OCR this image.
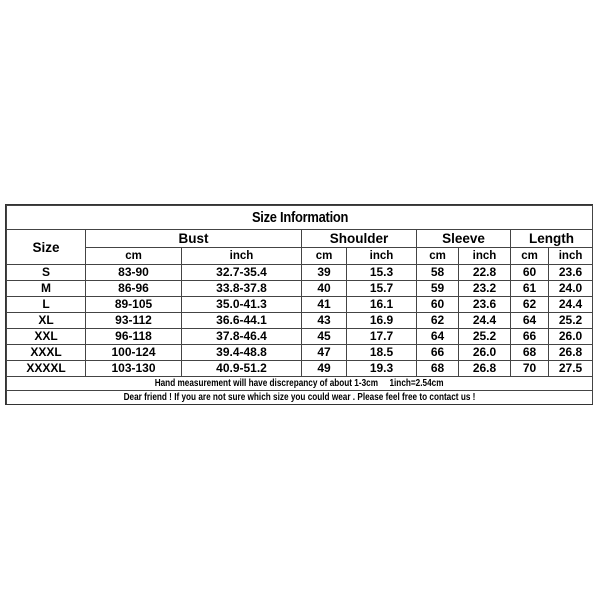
Size Information								
Size	Bust		Shoulder		Sleeve		Length	
	cm	inch	cm	inch	cm	inch	cm	inch
S	83-90	32.7-35.4	39	15.3	58	22.8	60	23.6
M	86-96	33.8-37.8	40	15.7	59	23.2	61	24.0
L	89-105	35.0-41.3	41	16.1	60	23.6	62	24.4
XL	93-112	36.6-44.1	43	16.9	62	24.4	64	25.2
XXL	96-118	37.8-46.4	45	17.7	64	25.2	66	26.0
XXXL	100-124	39.4-48.8	47	18.5	66	26.0	68	26.8
XXXXL	103-130	40.9-51.2	49	19.3	68	26.8	70	27.5
Hand measurement will have discrepancy of about 1-3cm 1inch=2.54cm								
Dear friend ! If you are not sure which size you could wear . Please feel free to contact us !								
